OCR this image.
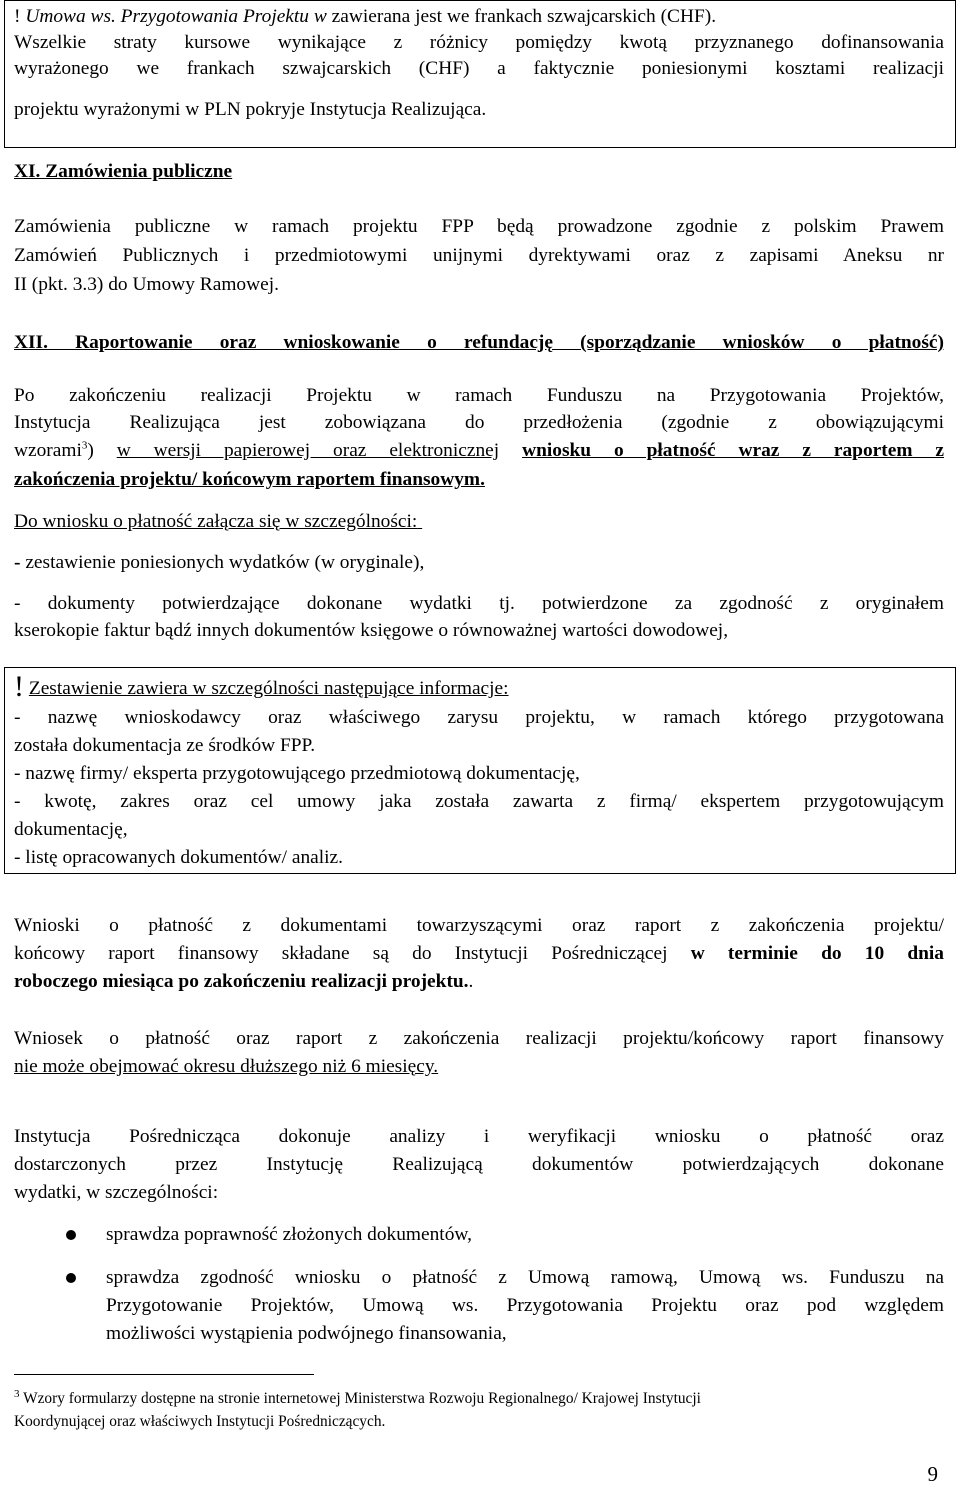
! Umowa ws. Przygotowania Projektu w zawierana jest we frankach szwajcarskich (CHF).

Wszelkie straty kursowe wynikające z różnicy pomiędzy kwotą przyznanego dofinansowania

wyrażonego we frankach szwajcarskich (CHF) a faktycznie poniesionymi kosztami realizacji

projektu wyrażonymi w PLN pokryje Instytucja Realizująca.

XI. Zamówienia publiczne

Zamówienia publiczne w ramach projektu FPP będą prowadzone zgodnie z polskim Prawem

Zamówień Publicznych i przedmiotowymi unijnymi dyrektywami oraz z zapisami Aneksu nr

II (pkt. 3.3) do Umowy Ramowej.

XII. Raportowanie oraz wnioskowanie o refundację (sporządzanie wniosków o płatność)

Po zakończeniu realizacji Projektu w ramach Funduszu na Przygotowania Projektów,

Instytucja Realizująca jest zobowiązana do przedłożenia (zgodnie z obowiązującymi

wzorami$^3$) w wersji papierowej oraz elektronicznej wniosku o płatność wraz z raportem z

zakończenia projektu/ końcowym raportem finansowym.

Do wniosku o płatność załącza się w szczególności:

- zestawienie poniesionych wydatków (w oryginale),

- dokumenty potwierdzające dokonane wydatki tj. potwierdzone za zgodność z oryginałem

kserokopie faktur bądź innych dokumentów księgowe o równoważnej wartości dowodowej,

! Zestawienie zawiera w szczególności następujące informacje:

- nazwę wnioskodawcy oraz właściwego zarysu projektu, w ramach którego przygotowana

została dokumentacja ze środków FPP.

- nazwę firmy/ eksperta przygotowującego przedmiotową dokumentację,

- kwotę, zakres oraz cel umowy jaka została zawarta z firmą/ ekspertem przygotowującym

dokumentację,

- listę opracowanych dokumentów/ analiz.

Wnioski o płatność z dokumentami towarzyszącymi oraz raport z zakończenia projektu/

końcowy raport finansowy składane są do Instytucji Pośredniczącej w terminie do 10 dnia

roboczego miesiąca po zakończeniu realizacji projektu..

Wniosek o płatność oraz raport z zakończenia realizacji projektu/końcowy raport finansowy

nie może obejmować okresu dłuższego niż 6 miesięcy.

Instytucja Pośrednicząca dokonuje analizy i weryfikacji wniosku o płatność oraz

dostarczonych przez Instytucję Realizującą dokumentów potwierdzających dokonane

wydatki, w szczególności:

sprawdza poprawność złożonych dokumentów,

sprawdza zgodność wniosku o płatność z Umową ramową, Umową ws. Funduszu na

Przygotowanie Projektów, Umową ws. Przygotowania Projektu oraz pod względem

możliwości wystąpienia podwójnego finansowania,

$^3$ Wzory formularzy dostępne na stronie internetowej Ministerstwa Rozwoju Regionalnego/ Krajowej Instytucji
Koordynującej oraz właściwych Instytucji Pośredniczących.
9
